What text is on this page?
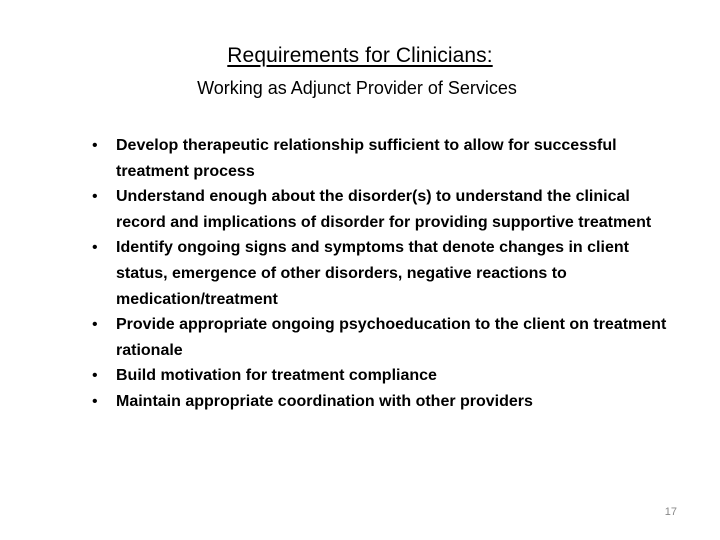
Requirements for Clinicians:
Working as Adjunct Provider of Services
• Develop therapeutic relationship sufficient to allow for successful treatment process
• Understand enough about the disorder(s) to understand the clinical record and implications of disorder for providing supportive treatment
• Identify ongoing signs and symptoms that denote changes in client status, emergence of other disorders, negative reactions to medication/treatment
• Provide appropriate ongoing psychoeducation to the client on treatment rationale
• Build motivation for treatment compliance
• Maintain appropriate coordination with other providers
17
